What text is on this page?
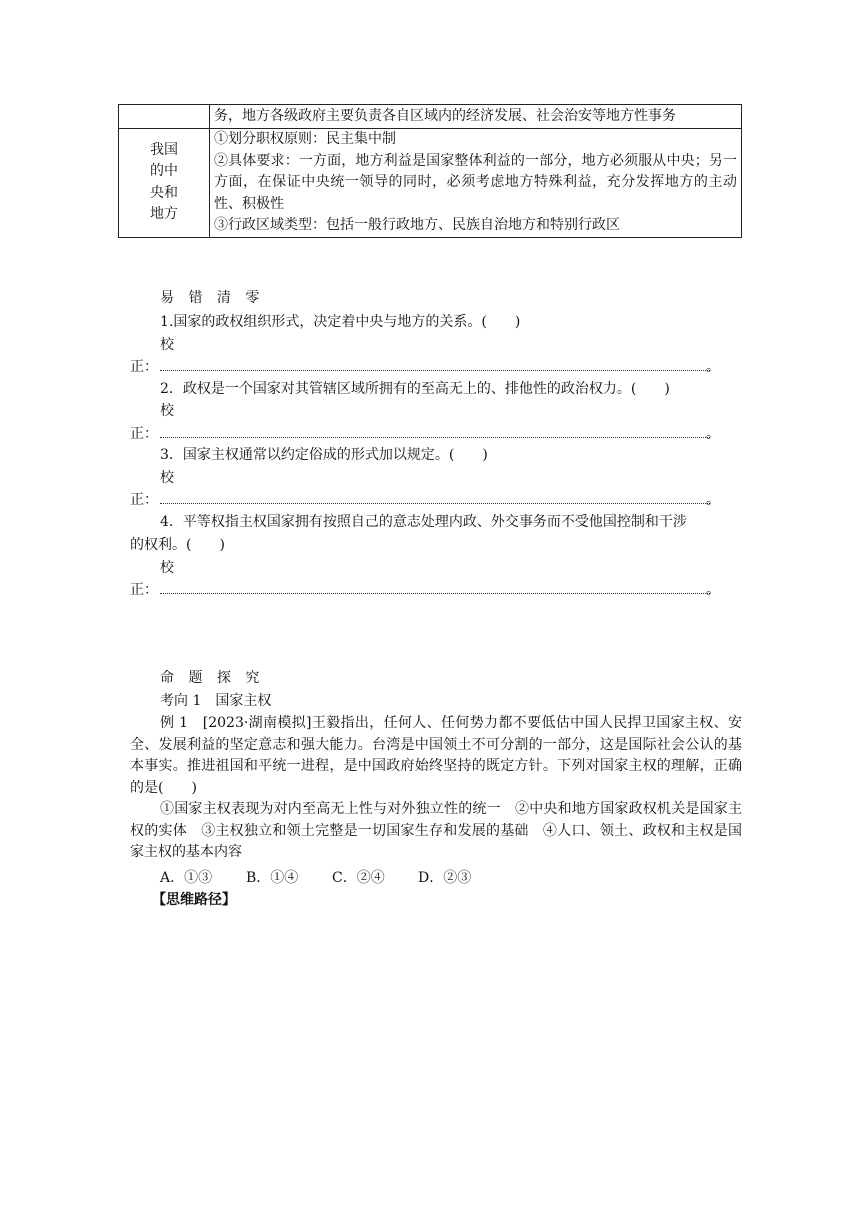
	务，地方各级政府主要负责各自区域内的经济发展、社会治安等地方性事务
我国的中央和地方	①划分职权原则：民主集中制
②具体要求：一方面，地方利益是国家整体利益的一部分，地方必须服从中央；另一方面，在保证中央统一领导的同时，必须考虑地方特殊利益，充分发挥地方的主动性、积极性
③行政区域类型：包括一般行政地方、民族自治地方和特别行政区
易 错 清 零
1.国家的政权组织形式，决定着中央与地方的关系。(　　)
校
正：	。
2．政权是一个国家对其管辖区域所拥有的至高无上的、排他性的政治权力。(　　)
校
正：	。
3．国家主权通常以约定俗成的形式加以规定。(　　)
校
正：	。
4．平等权指主权国家拥有按照自己的意志处理内政、外交事务而不受他国控制和干涉
的权利。(　　)
校
正：	。
命 题 探 究
考向 1　国家主权

例 1　[2023·湖南模拟]王毅指出，任何人、任何势力都不要低估中国人民捍卫国家主权、安全、发展利益的坚定意志和强大能力。台湾是中国领土不可分割的一部分，这是国际社会公认的基本事实。推进祖国和平统一进程，是中国政府始终坚持的既定方针。下列对国家主权的理解，正确的是(　　)

①国家主权表现为对内至高无上性与对外独立性的统一　②中央和地方国家政权机关是国家主权的实体　③主权独立和领土完整是一切国家生存和发展的基础　④人口、领土、政权和主权是国家主权的基本内容

A．①③ B．①④ C．②④ D．②③
【思维路径】
